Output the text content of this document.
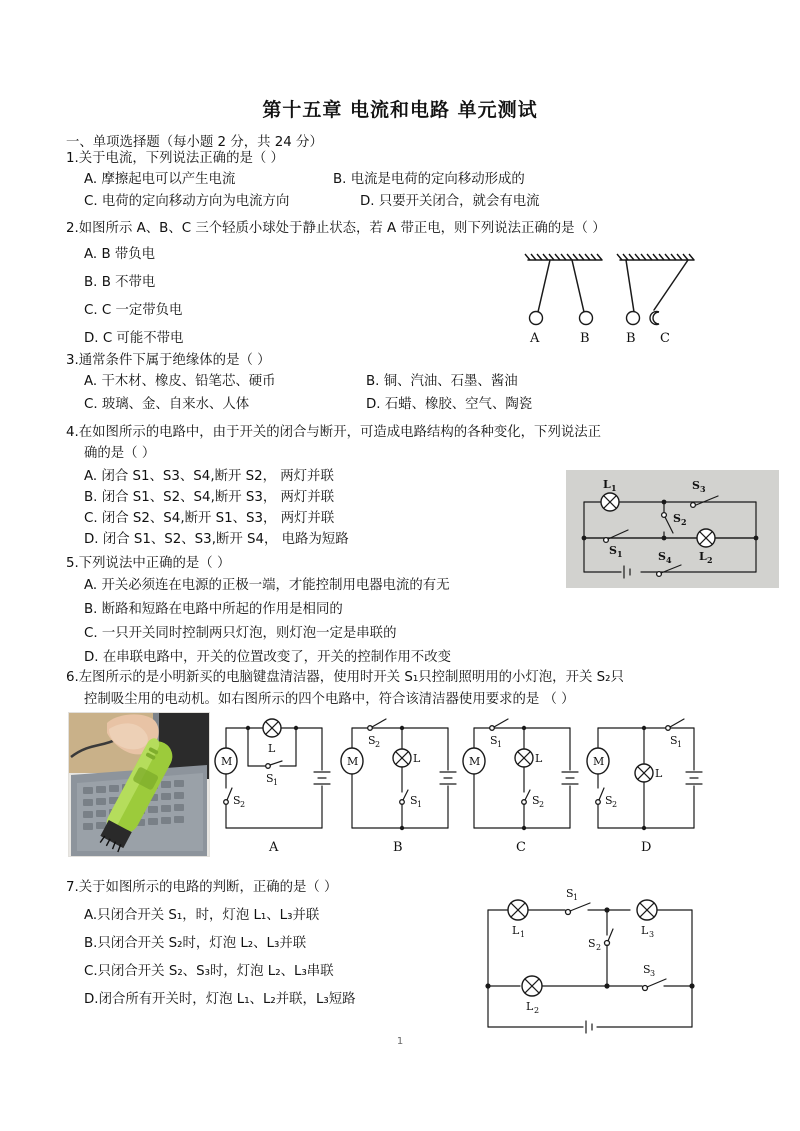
第十五章 电流和电路 单元测试
一、单项选择题（每小题 2 分，共 24 分）
1.关于电流，下列说法正确的是（ ）
A. 摩擦起电可以产生电流	B. 电流是电荷的定向移动形成的
C. 电荷的定向移动方向为电流方向	D. 只要开关闭合，就会有电流
2.如图所示 A、B、C 三个轻质小球处于静止状态，若 A 带正电，则下列说法正确的是（ ）
A. B 带负电
B. B 不带电
C. C 一定带负电
D. C 可能不带电	A	B	B C
3.通常条件下属于绝缘体的是（ ）
A. 干木材、橡皮、铅笔芯、硬币	B. 铜、汽油、石墨、酱油
C. 玻璃、金、自来水、人体	D. 石蜡、橡胶、空气、陶瓷
4.在如图所示的电路中，由于开关的闭合与断开，可造成电路结构的各种变化，下列说法正
确的是（ ）
A. 闭合 S1、S3、S4,断开 S2， 两灯并联
B. 闭合 S1、S2、S4,断开 S3， 两灯并联
C. 闭合 S2、S4,断开 S1、S3， 两灯并联
D. 闭合 S1、S2、S3,断开 S4， 电路为短路
L 1	S 3
S 2
S 1	L 2
S 4
5.下列说法中正确的是（ ）
A. 开关必须连在电源的正极一端，才能控制用电器电流的有无
B. 断路和短路在电路中所起的作用是相同的
C. 一只开关同时控制两只灯泡，则灯泡一定是串联的
D. 在串联电路中，开关的位置改变了，开关的控制作用不改变
6.左图所示的是小明新买的电脑键盘清洁器，使用时开关 S₁只控制照明用的小灯泡，开关 S₂只
控制吸尘用的电动机。如右图所示的四个电路中，符合该清洁器使用要求的是 （ ）
M
S 2
L
S 1
A
S 2
M	L
S 1
B
S 1
M	L
S 2
C
M
S 2
L
S 1
D
7.关于如图所示的电路的判断，正确的是（ ）
A.只闭合开关 S₁，时，灯泡 L₁、L₃并联
B.只闭合开关 S₂时，灯泡 L₂、L₃并联
C.只闭合开关 S₂、S₃时，灯泡 L₂、L₃串联
D.闭合所有开关时，灯泡 L₁、L₂并联，L₃短路
L 1
S 1
L 3
S 2
L 2
S 3
1
